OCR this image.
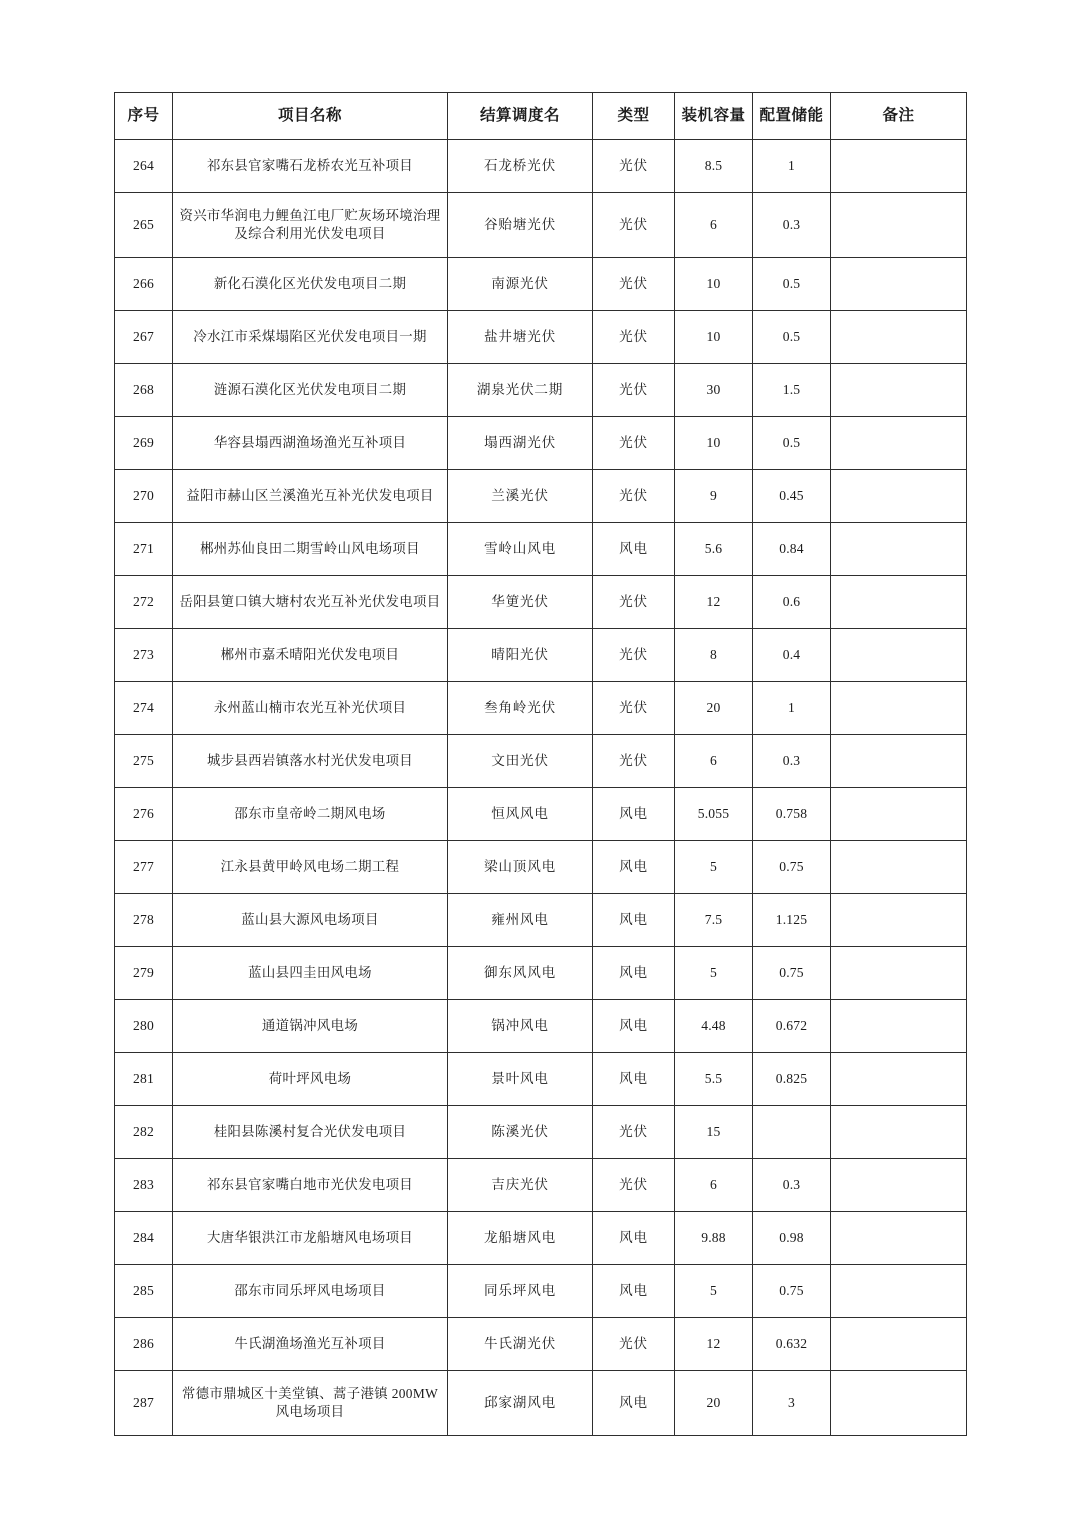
序号	项目名称	结算调度名	类型	装机容量	配置储能	备注
264	祁东县官家嘴石龙桥农光互补项目	石龙桥光伏	光伏	8.5	1	
265	资兴市华润电力鲤鱼江电厂贮灰场环境治理及综合利用光伏发电项目	谷贻塘光伏	光伏	6	0.3	
266	新化石漠化区光伏发电项目二期	南源光伏	光伏	10	0.5	
267	冷水江市采煤塌陷区光伏发电项目一期	盐井塘光伏	光伏	10	0.5	
268	涟源石漠化区光伏发电项目二期	湖泉光伏二期	光伏	30	1.5	
269	华容县塌西湖渔场渔光互补项目	塌西湖光伏	光伏	10	0.5	
270	益阳市赫山区兰溪渔光互补光伏发电项目	兰溪光伏	光伏	9	0.45	
271	郴州苏仙良田二期雪岭山风电场项目	雪岭山风电	风电	5.6	0.84	
272	岳阳县筻口镇大塘村农光互补光伏发电项目	华筻光伏	光伏	12	0.6	
273	郴州市嘉禾晴阳光伏发电项目	晴阳光伏	光伏	8	0.4	
274	永州蓝山楠市农光互补光伏项目	叁角岭光伏	光伏	20	1	
275	城步县西岩镇落水村光伏发电项目	文田光伏	光伏	6	0.3	
276	邵东市皇帝岭二期风电场	恒风风电	风电	5.055	0.758	
277	江永县黄甲岭风电场二期工程	梁山顶风电	风电	5	0.75	
278	蓝山县大源风电场项目	雍州风电	风电	7.5	1.125	
279	蓝山县四圭田风电场	御东风风电	风电	5	0.75	
280	通道锅冲风电场	锅冲风电	风电	4.48	0.672	
281	荷叶坪风电场	景叶风电	风电	5.5	0.825	
282	桂阳县陈溪村复合光伏发电项目	陈溪光伏	光伏	15		
283	祁东县官家嘴白地市光伏发电项目	吉庆光伏	光伏	6	0.3	
284	大唐华银洪江市龙船塘风电场项目	龙船塘风电	风电	9.88	0.98	
285	邵东市同乐坪风电场项目	同乐坪风电	风电	5	0.75	
286	牛氏湖渔场渔光互补项目	牛氏湖光伏	光伏	12	0.632	
287	常德市鼎城区十美堂镇、蒿子港镇 200MW 风电场项目	邱家湖风电	风电	20	3	
